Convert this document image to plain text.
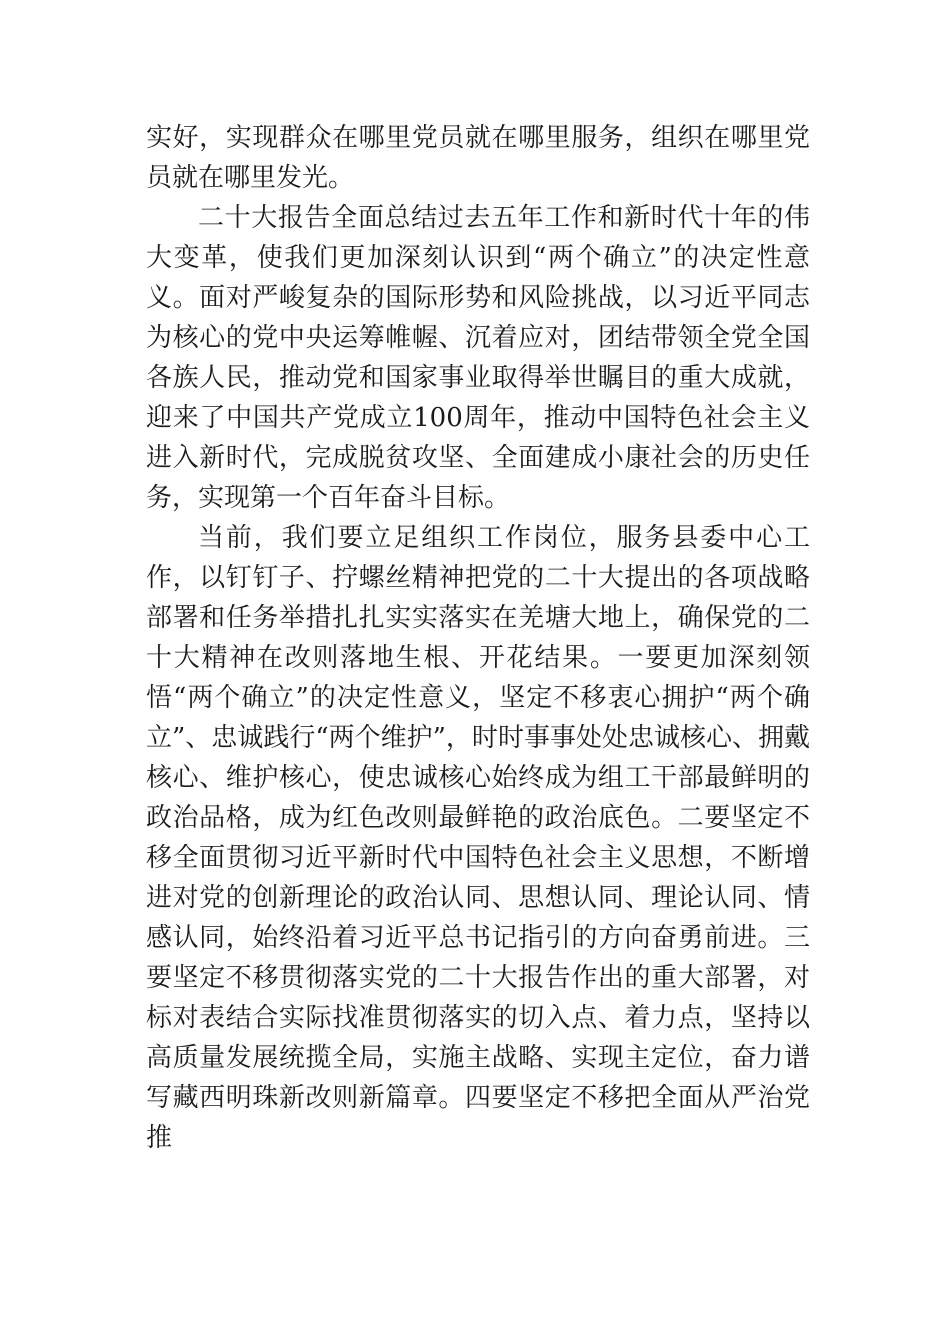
实好，实现群众在哪里党员就在哪里服务，组织在哪里党员就在哪里发光。

二十大报告全面总结过去五年工作和新时代十年的伟大变革，使我们更加深刻认识到“两个确立”的决定性意义。面对严峻复杂的国际形势和风险挑战，以习近平同志为核心的党中央运筹帷幄、沉着应对，团结带领全党全国各族人民，推动党和国家事业取得举世瞩目的重大成就，迎来了中国共产党成立100周年，推动中国特色社会主义进入新时代，完成脱贫攻坚、全面建成小康社会的历史任务，实现第一个百年奋斗目标。

当前，我们要立足组织工作岗位，服务县委中心工作，以钉钉子、拧螺丝精神把党的二十大提出的各项战略部署和任务举措扎扎实实落实在羌塘大地上，确保党的二十大精神在改则落地生根、开花结果。一要更加深刻领悟“两个确立”的决定性意义，坚定不移衷心拥护“两个确立”、忠诚践行“两个维护”，时时事事处处忠诚核心、拥戴核心、维护核心，使忠诚核心始终成为组工干部最鲜明的政治品格，成为红色改则最鲜艳的政治底色。二要坚定不移全面贯彻习近平新时代中国特色社会主义思想，不断增进对党的创新理论的政治认同、思想认同、理论认同、情感认同，始终沿着习近平总书记指引的方向奋勇前进。三要坚定不移贯彻落实党的二十大报告作出的重大部署，对标对表结合实际找准贯彻落实的切入点、着力点，坚持以高质量发展统揽全局，实施主战略、实现主定位，奋力谱写藏西明珠新改则新篇章。四要坚定不移把全面从严治党推
